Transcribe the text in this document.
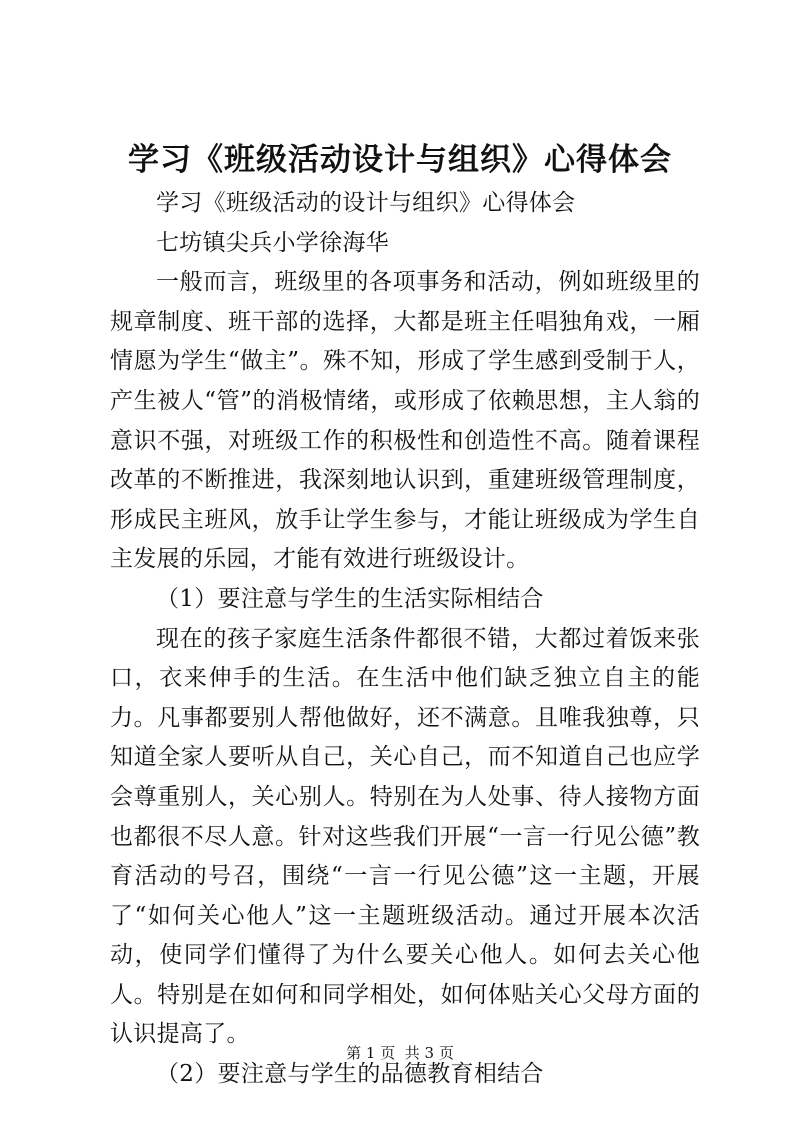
学习《班级活动设计与组织》心得体会

学习《班级活动的设计与组织》心得体会

七坊镇尖兵小学徐海华

一般而言，班级里的各项事务和活动，例如班级里的规章制度、班干部的选择，大都是班主任唱独角戏，一厢情愿为学生“做主”。殊不知，形成了学生感到受制于人，产生被人“管”的消极情绪，或形成了依赖思想，主人翁的意识不强，对班级工作的积极性和创造性不高。随着课程改革的不断推进，我深刻地认识到，重建班级管理制度，形成民主班风，放手让学生参与，才能让班级成为学生自主发展的乐园，才能有效进行班级设计。

（1）要注意与学生的生活实际相结合

现在的孩子家庭生活条件都很不错，大都过着饭来张口，衣来伸手的生活。在生活中他们缺乏独立自主的能力。凡事都要别人帮他做好，还不满意。且唯我独尊，只知道全家人要听从自己，关心自己，而不知道自己也应学会尊重别人，关心别人。特别在为人处事、待人接物方面也都很不尽人意。针对这些我们开展“一言一行见公德”教育活动的号召，围绕“一言一行见公德”这一主题，开展了“如何关心他人”这一主题班级活动。通过开展本次活动，使同学们懂得了为什么要关心他人。如何去关心他人。特别是在如何和同学相处，如何体贴关心父母方面的认识提高了。

（2）要注意与学生的品德教育相结合

第 1 页  共 3 页
